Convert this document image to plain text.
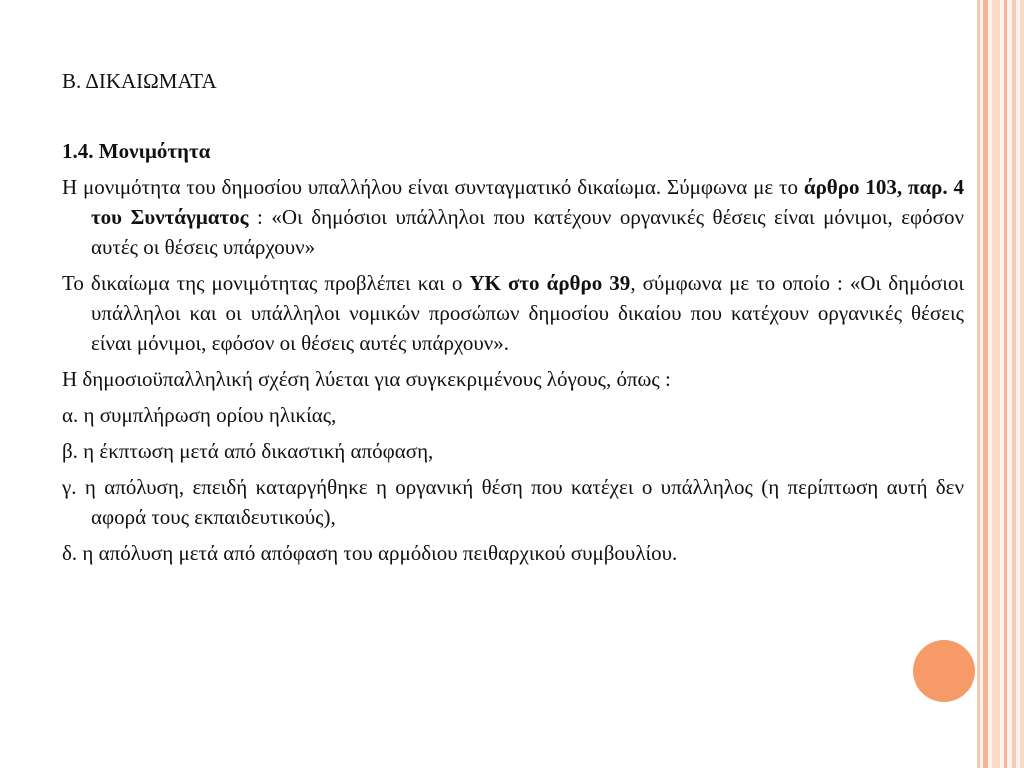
Β. ΔΙΚΑΙΩΜΑΤΑ

1.4. Μονιμότητα

Η μονιμότητα του δημοσίου υπαλλήλου είναι συνταγματικό δικαίωμα. Σύμφωνα με το άρθρο 103, παρ. 4 του Συντάγματος : «Οι δημόσιοι υπάλληλοι που κατέχουν οργανικές θέσεις είναι μόνιμοι, εφόσον αυτές οι θέσεις υπάρχουν»

Το δικαίωμα της μονιμότητας προβλέπει και ο ΥΚ στο άρθρο 39, σύμφωνα με το οποίο : «Οι δημόσιοι υπάλληλοι και οι υπάλληλοι νομικών προσώπων δημοσίου δικαίου που κατέχουν οργανικές θέσεις είναι μόνιμοι, εφόσον οι θέσεις αυτές υπάρχουν».

Η δημοσιοϋπαλληλική σχέση λύεται για συγκεκριμένους λόγους, όπως :

α. η συμπλήρωση ορίου ηλικίας,

β. η έκπτωση μετά από δικαστική απόφαση,

γ. η απόλυση, επειδή καταργήθηκε η οργανική θέση που κατέχει ο υπάλληλος (η περίπτωση αυτή δεν αφορά τους εκπαιδευτικούς),

δ. η απόλυση μετά από απόφαση του αρμόδιου πειθαρχικού συμβουλίου.
